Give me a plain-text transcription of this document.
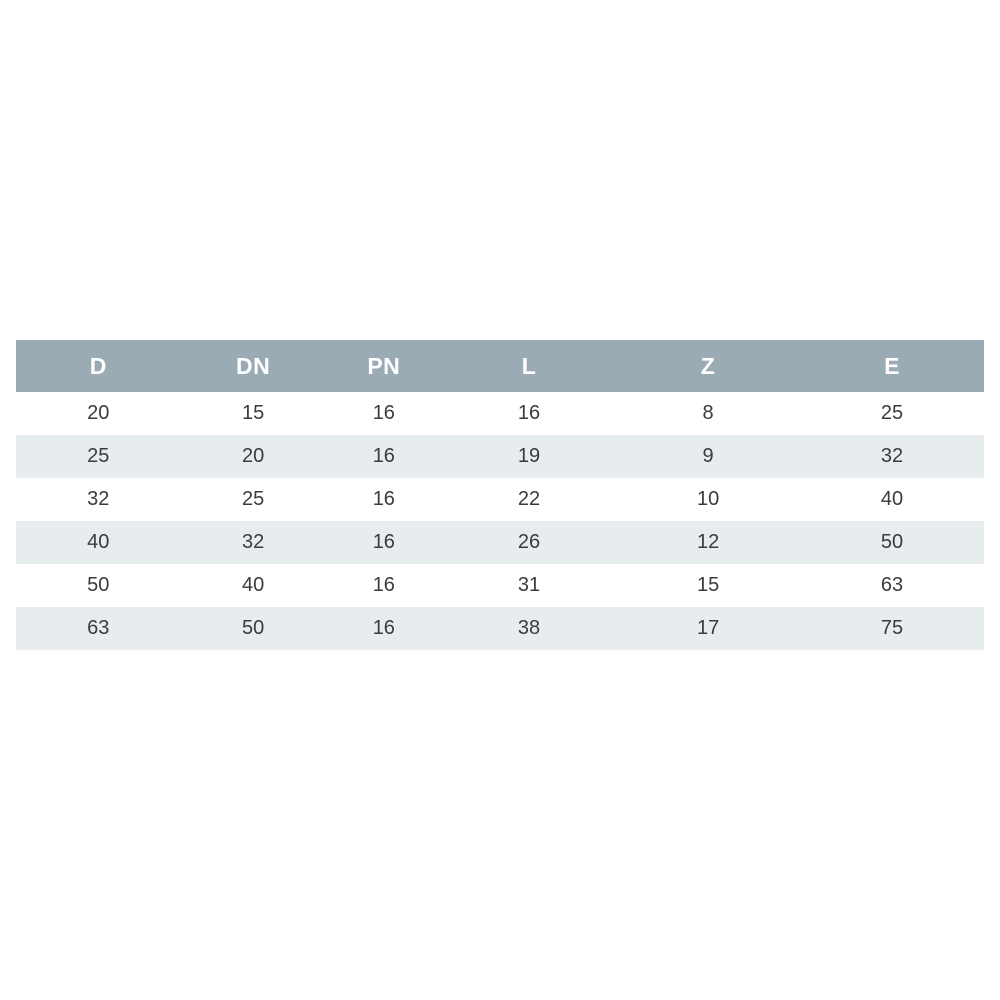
D	DN	PN	L	Z	E
20	15	16	16	8	25
25	20	16	19	9	32
32	25	16	22	10	40
40	32	16	26	12	50
50	40	16	31	15	63
63	50	16	38	17	75
